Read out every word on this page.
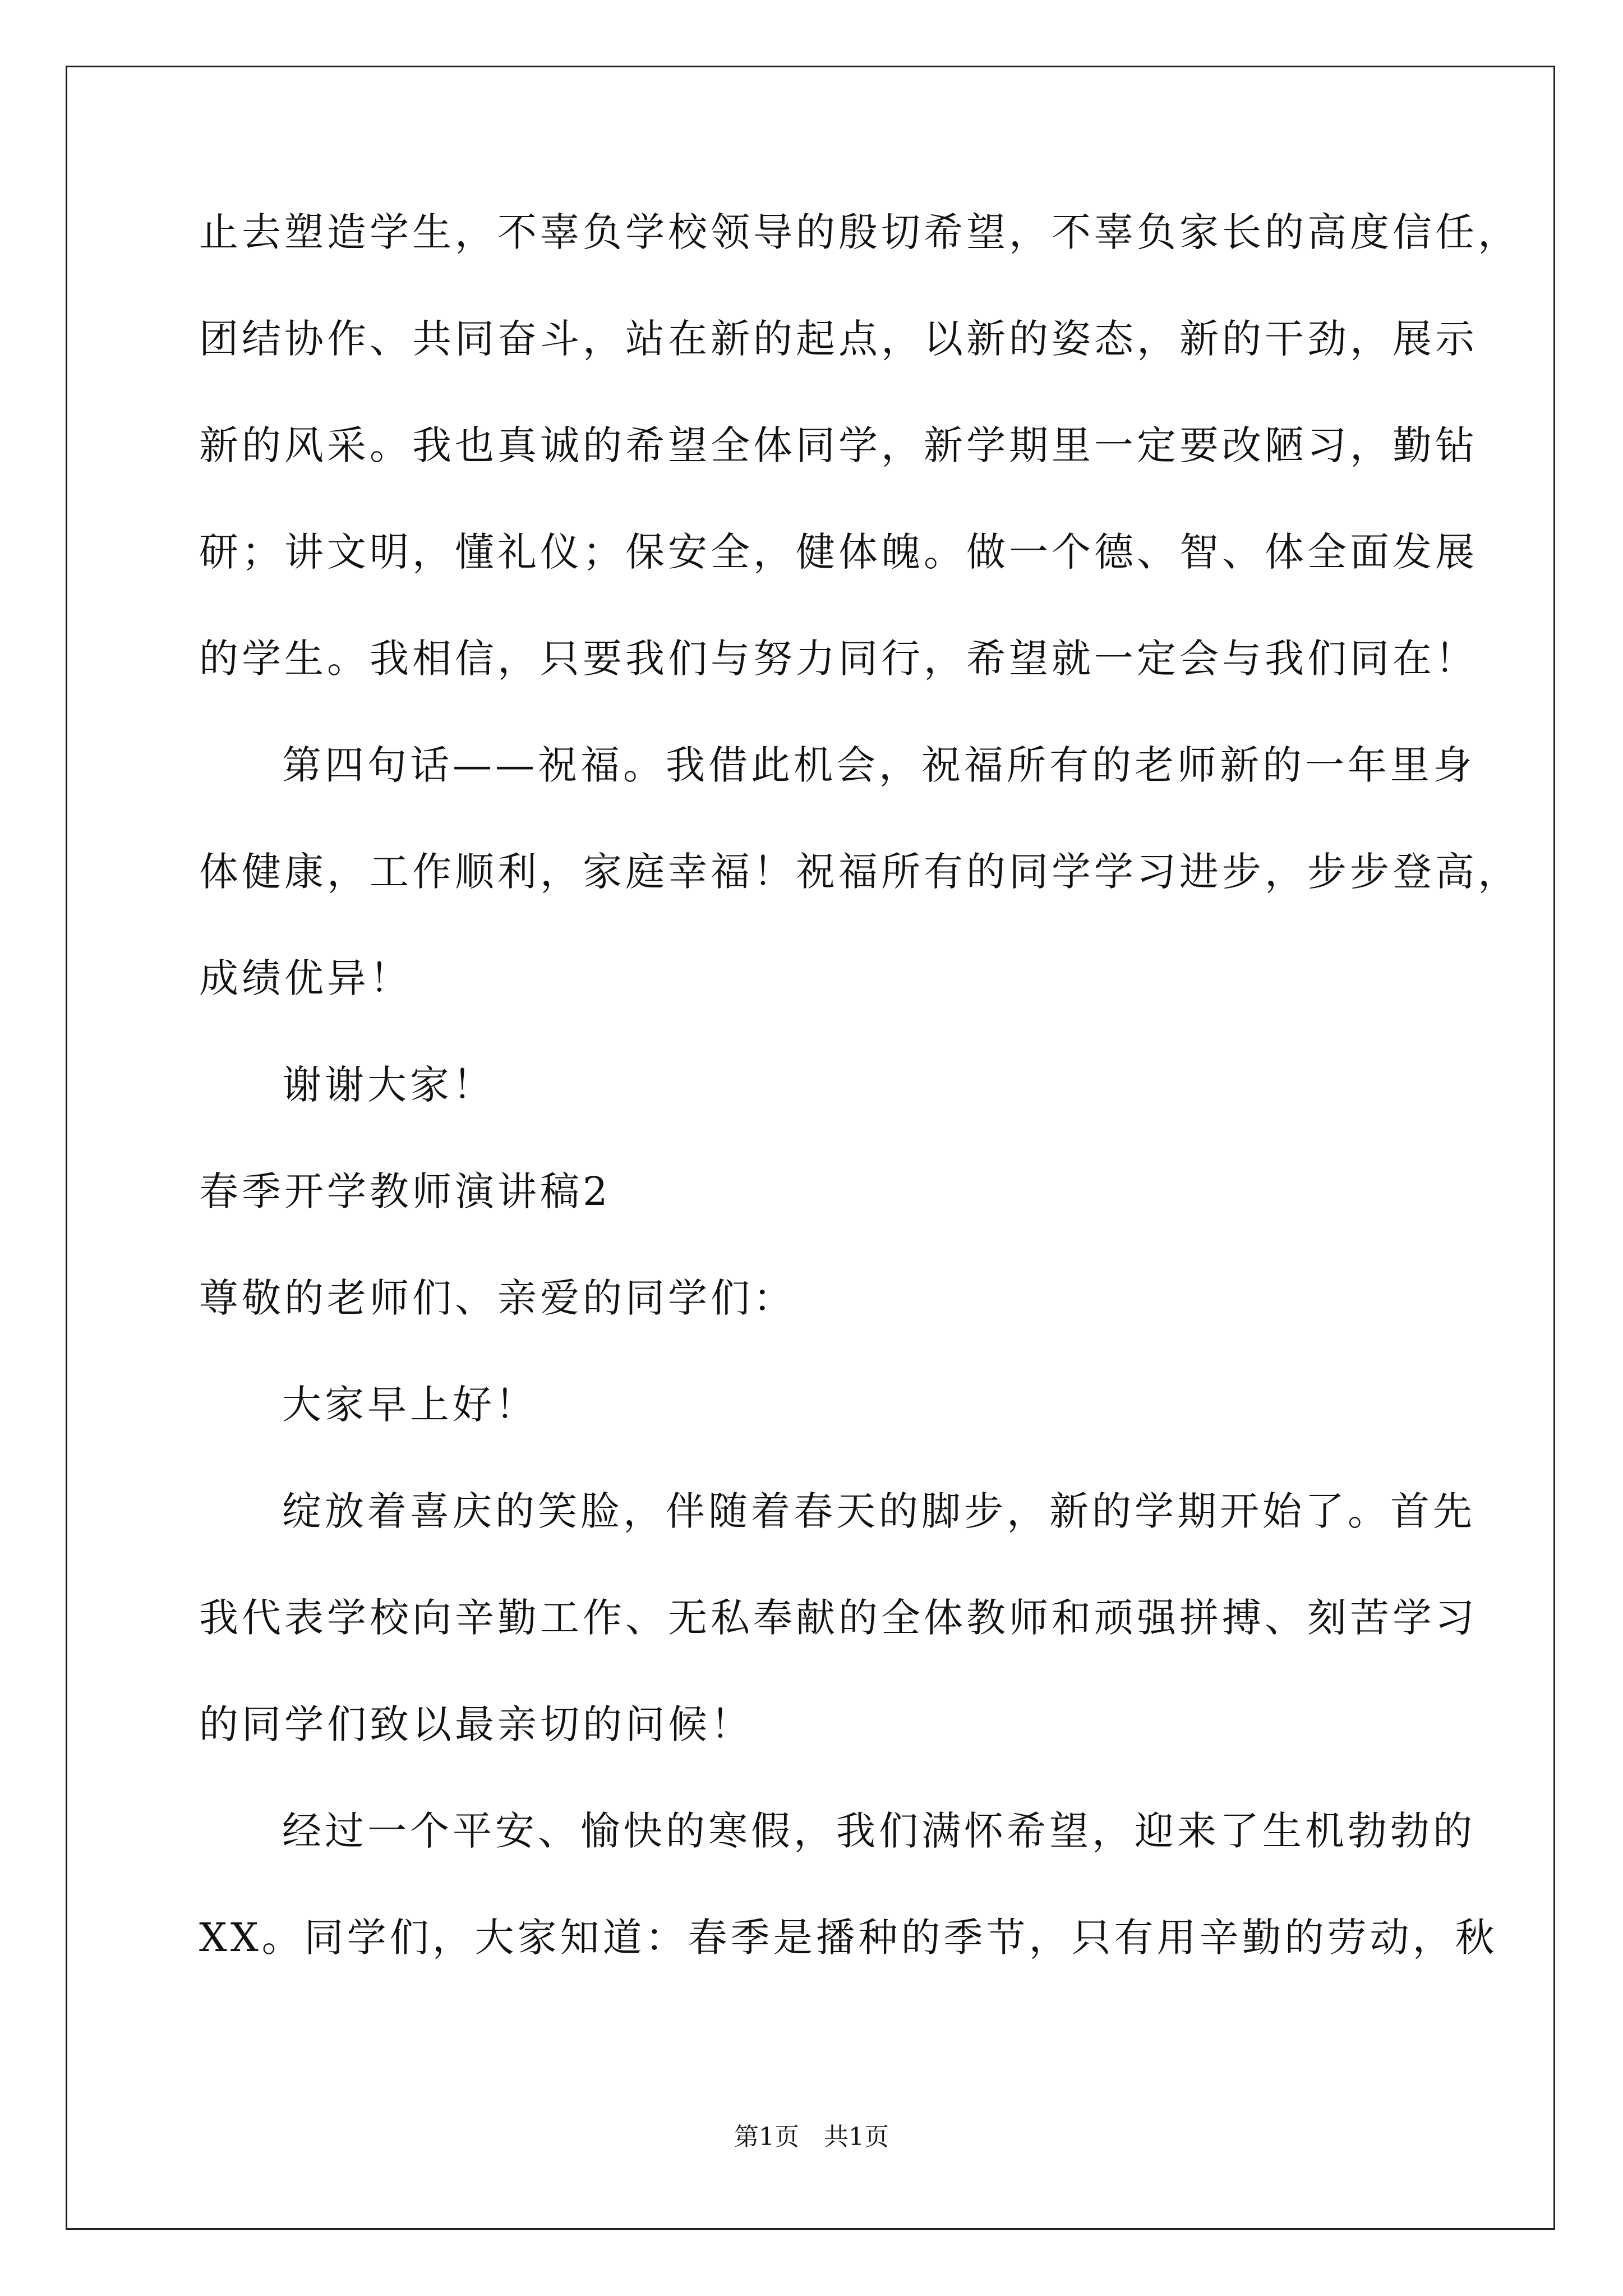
止去塑造学生，不辜负学校领导的殷切希望，不辜负家长的高度信任，
团结协作、共同奋斗，站在新的起点，以新的姿态，新的干劲，展示
新的风采。我也真诚的希望全体同学，新学期里一定要改陋习，勤钻
研；讲文明，懂礼仪；保安全，健体魄。做一个德、智、体全面发展
的学生。我相信，只要我们与努力同行，希望就一定会与我们同在！
第四句话——祝福。我借此机会，祝福所有的老师新的一年里身
体健康，工作顺利，家庭幸福！祝福所有的同学学习进步，步步登高，
成绩优异！
谢谢大家！
春季开学教师演讲稿2
尊敬的老师们、亲爱的同学们：
大家早上好！
绽放着喜庆的笑脸，伴随着春天的脚步，新的学期开始了。首先
我代表学校向辛勤工作、无私奉献的全体教师和顽强拼搏、刻苦学习
的同学们致以最亲切的问候！
经过一个平安、愉快的寒假，我们满怀希望，迎来了生机勃勃的
XX。同学们，大家知道：春季是播种的季节，只有用辛勤的劳动，秋
第1页　共1页
